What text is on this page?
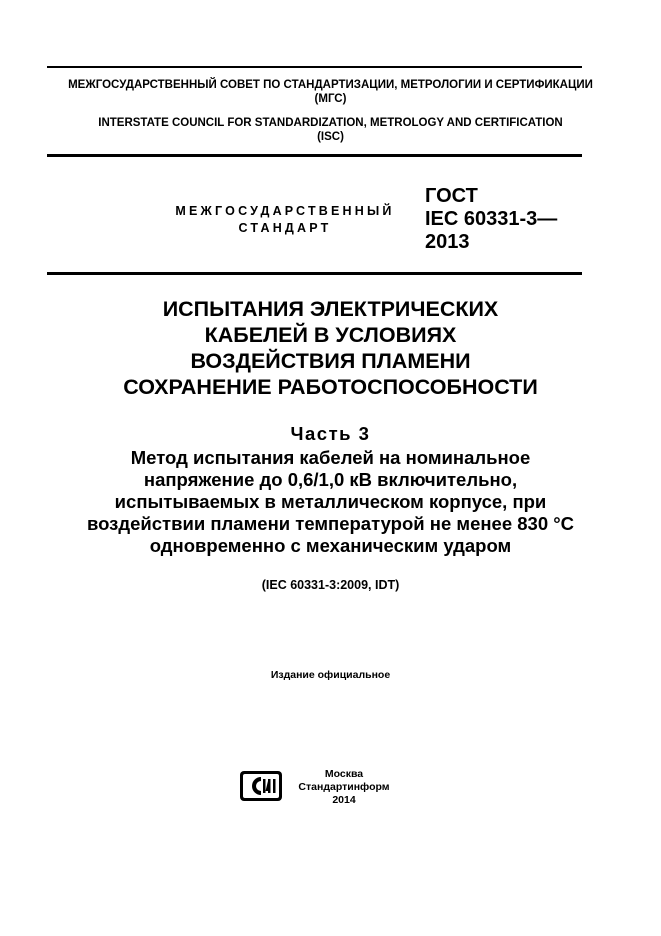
МЕЖГОСУДАРСТВЕННЫЙ СОВЕТ ПО СТАНДАРТИЗАЦИИ, МЕТРОЛОГИИ И СЕРТИФИКАЦИИ
(МГС)
INTERSTATE COUNCIL FOR STANDARDIZATION, METROLOGY AND CERTIFICATION
(ISC)
МЕЖГОСУДАРСТВЕННЫЙ
СТАНДАРТ
ГОСТ
IEC 60331-3—
2013
ИСПЫТАНИЯ ЭЛЕКТРИЧЕСКИХ
КАБЕЛЕЙ В УСЛОВИЯХ
ВОЗДЕЙСТВИЯ ПЛАМЕНИ
СОХРАНЕНИЕ РАБОТОСПОСОБНОСТИ
Часть 3
Метод испытания кабелей на номинальное
напряжение до 0,6/1,0 кВ включительно,
испытываемых в металлическом корпусе, при
воздействии пламени температурой не менее 830 °С
одновременно с механическим ударом
(IEC 60331-3:2009, IDT)
Издание официальное
Москва
Стандартинформ
2014
